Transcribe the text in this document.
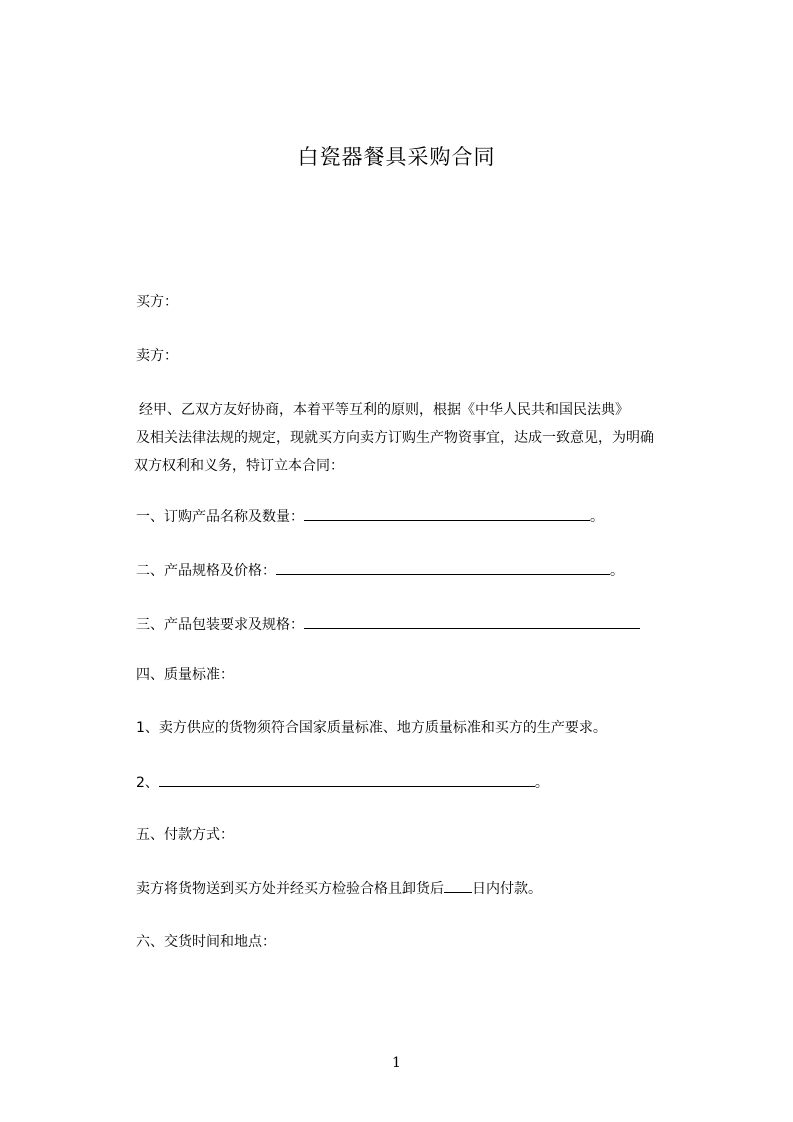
白瓷器餐具采购合同
买方：
卖方：
经甲、乙双方友好协商，本着平等互利的原则，根据《中华人民共和国民法典》
及相关法律法规的规定，现就买方向卖方订购生产物资事宜，达成一致意见，为明确
双方权利和义务，特订立本合同：
一、订购产品名称及数量：	。
二、产品规格及价格：	。
三、产品包装要求及规格：
四、质量标准：
1、卖方供应的货物须符合国家质量标准、地方质量标准和买方的生产要求。
2、	。
五、付款方式：
卖方将货物送到买方处并经买方检验合格且卸货后 日内付款。
六、交货时间和地点：
1
